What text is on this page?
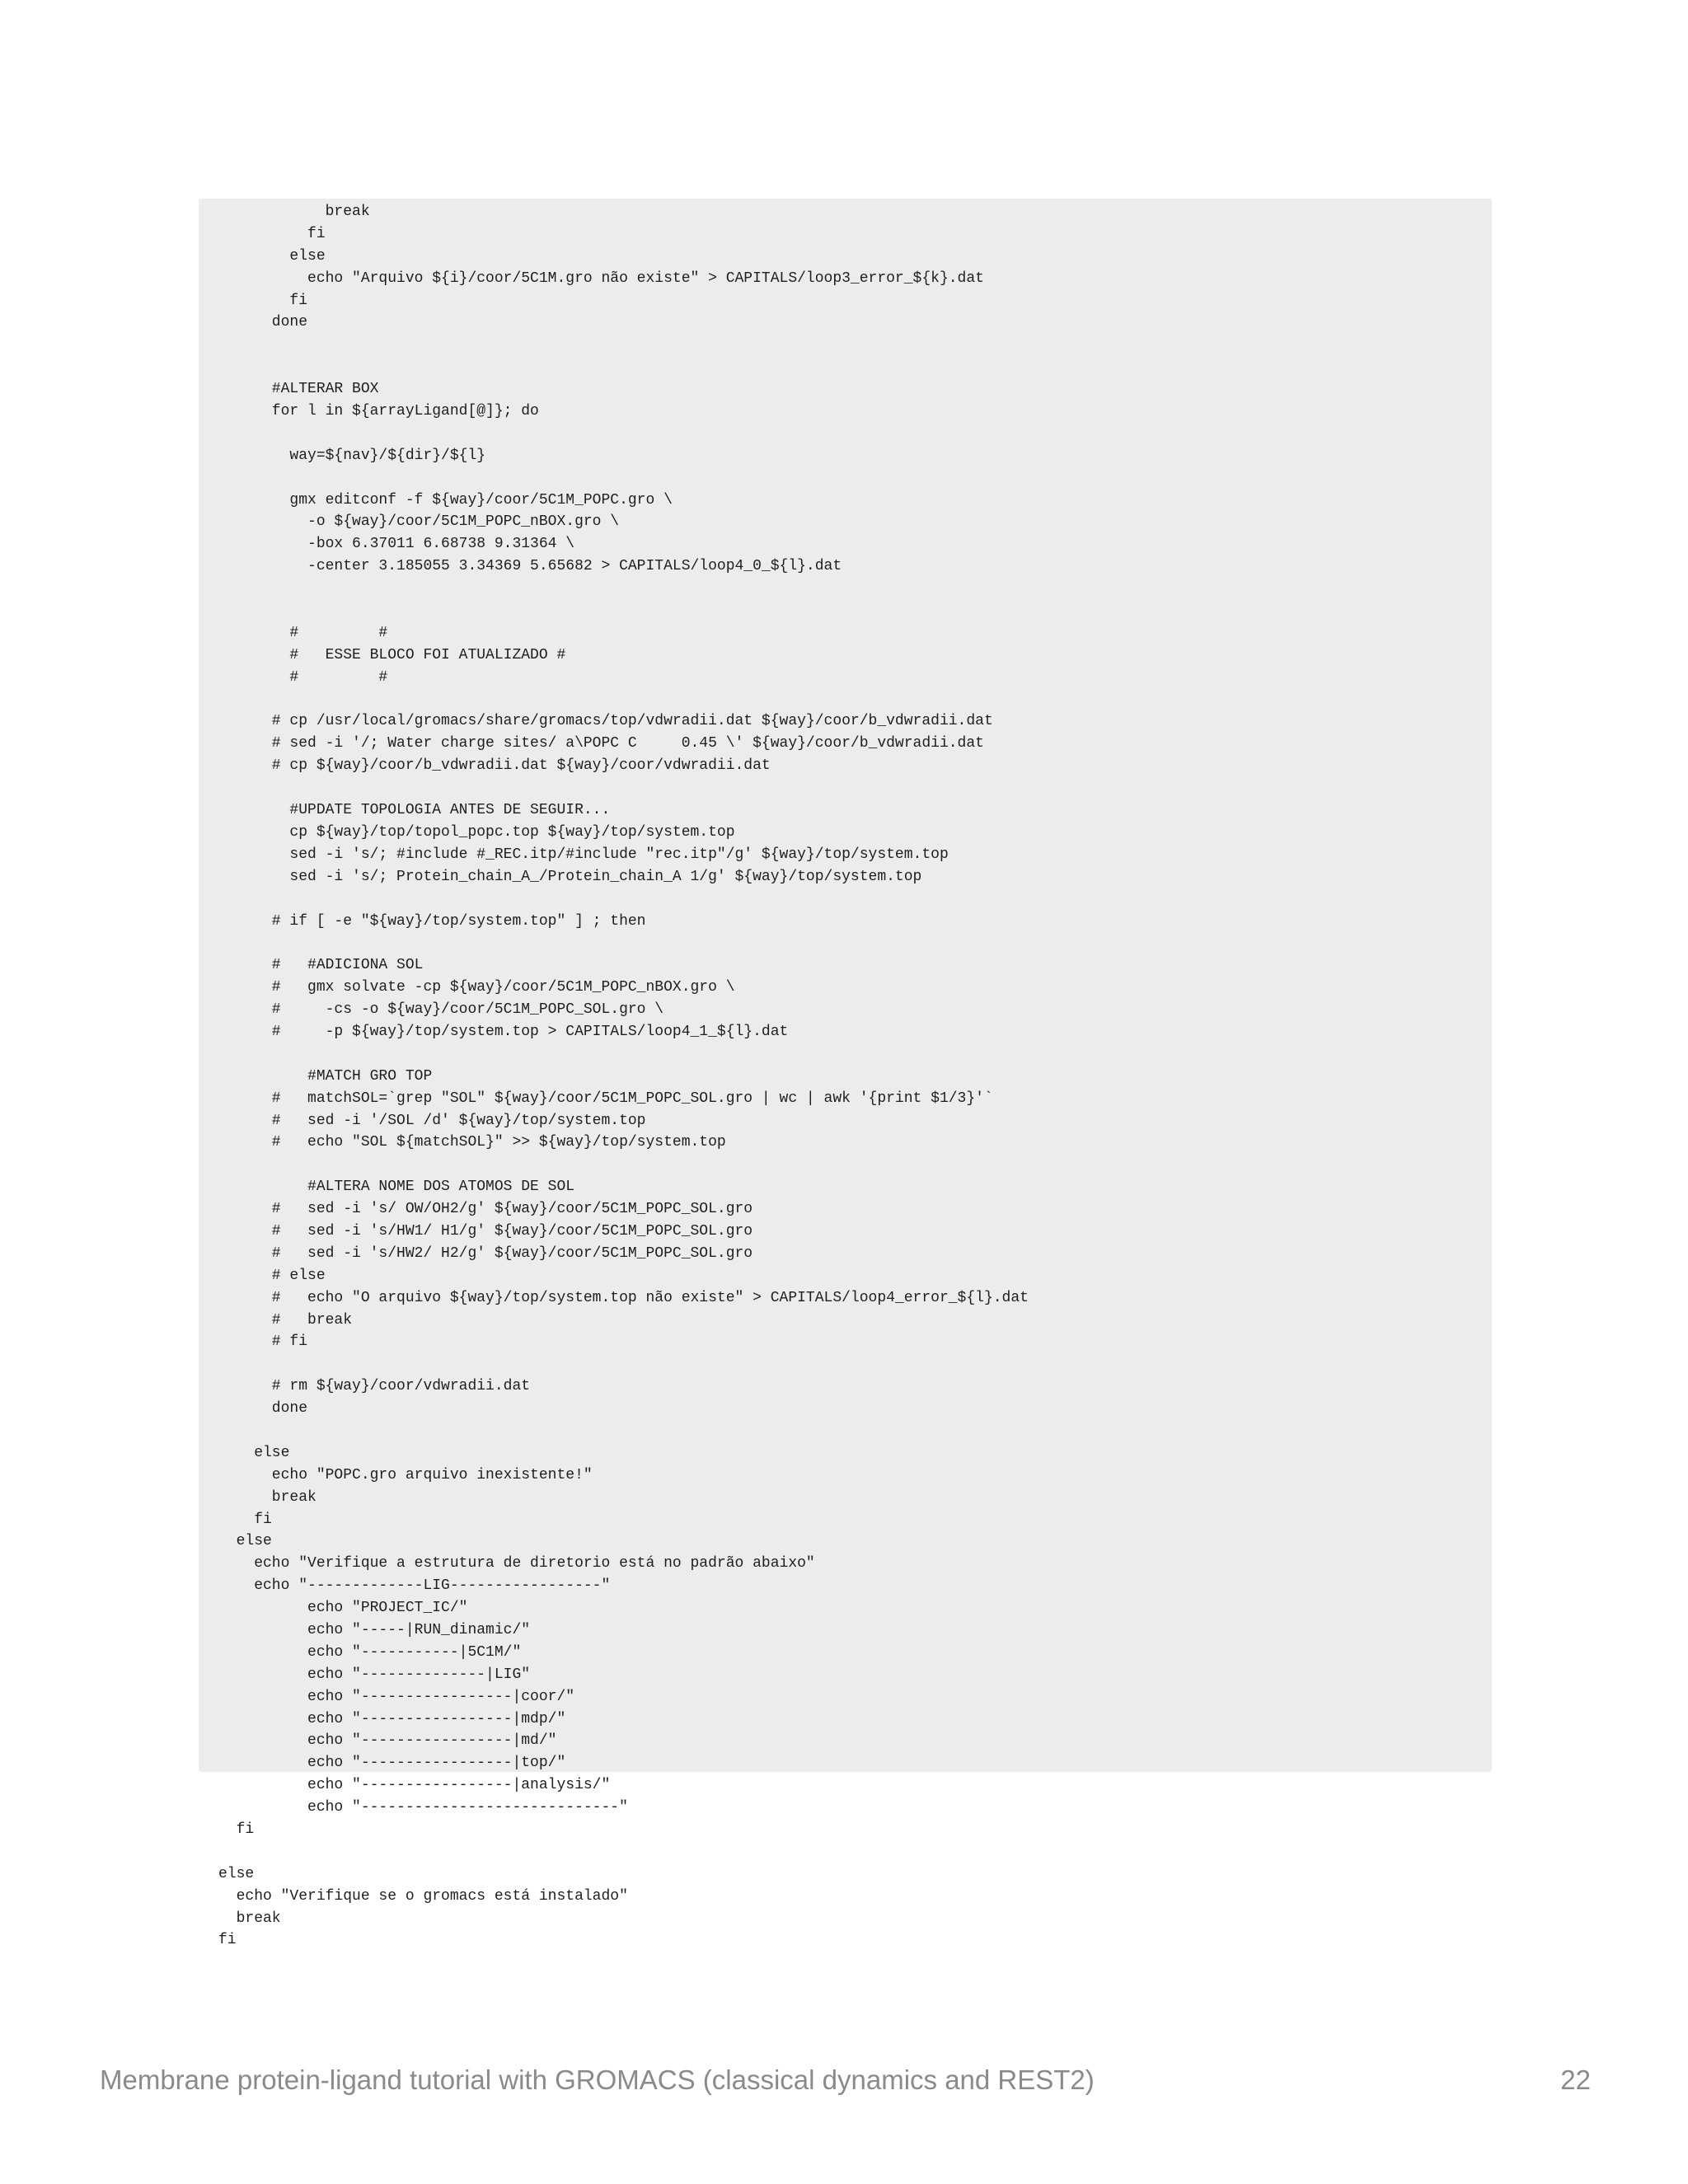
break
fi
else
echo "Arquivo ${i}/coor/5C1M.gro não existe" > CAPITALS/loop3_error_${k}.dat
fi
done
#ALTERAR BOX
for l in ${arrayLigand[@]}; do
way=${nav}/${dir}/${l}
gmx editconf -f ${way}/coor/5C1M_POPC.gro \
-o ${way}/coor/5C1M_POPC_nBOX.gro \
-box 6.37011 6.68738 9.31364 \
-center 3.185055 3.34369 5.65682 > CAPITALS/loop4_0_${l}.dat
#         #
#   ESSE BLOCO FOI ATUALIZADO #
#         #
# cp /usr/local/gromacs/share/gromacs/top/vdwradii.dat ${way}/coor/b_vdwradii.dat
# sed -i '/; Water charge sites/ a\POPC C     0.45 \' ${way}/coor/b_vdwradii.dat
# cp ${way}/coor/b_vdwradii.dat ${way}/coor/vdwradii.dat
#UPDATE TOPOLOGIA ANTES DE SEGUIR...
cp ${way}/top/topol_popc.top ${way}/top/system.top
sed -i 's/; #include #_REC.itp/#include "rec.itp"/g' ${way}/top/system.top
sed -i 's/; Protein_chain_A_/Protein_chain_A 1/g' ${way}/top/system.top
# if [ -e "${way}/top/system.top" ] ; then
#   #ADICIONA SOL
#   gmx solvate -cp ${way}/coor/5C1M_POPC_nBOX.gro \
#     -cs -o ${way}/coor/5C1M_POPC_SOL.gro \
#     -p ${way}/top/system.top > CAPITALS/loop4_1_${l}.dat
#MATCH GRO TOP
#   matchSOL=`grep "SOL" ${way}/coor/5C1M_POPC_SOL.gro | wc | awk '{print $1/3}'`
#   sed -i '/SOL /d' ${way}/top/system.top
#   echo "SOL ${matchSOL}" >> ${way}/top/system.top
#ALTERA NOME DOS ATOMOS DE SOL
#   sed -i 's/ OW/OH2/g' ${way}/coor/5C1M_POPC_SOL.gro
#   sed -i 's/HW1/ H1/g' ${way}/coor/5C1M_POPC_SOL.gro
#   sed -i 's/HW2/ H2/g' ${way}/coor/5C1M_POPC_SOL.gro
# else
#   echo "O arquivo ${way}/top/system.top não existe" > CAPITALS/loop4_error_${l}.dat
#   break
# fi
# rm ${way}/coor/vdwradii.dat
done
else
echo "POPC.gro arquivo inexistente!"
break
fi
else
echo "Verifique a estrutura de diretorio está no padrão abaixo"
echo "-------------LIG-----------------"
echo "PROJECT_IC/"
echo "-----|RUN_dinamic/"
echo "-----------|5C1M/"
echo "--------------|LIG"
echo "-----------------|coor/"
echo "-----------------|mdp/"
echo "-----------------|md/"
echo "-----------------|top/"
echo "-----------------|analysis/"
echo "-----------------------------"
fi
else
echo "Verifique se o gromacs está instalado"
break
fi
Membrane protein-ligand tutorial with GROMACS (classical dynamics and REST2)	22
